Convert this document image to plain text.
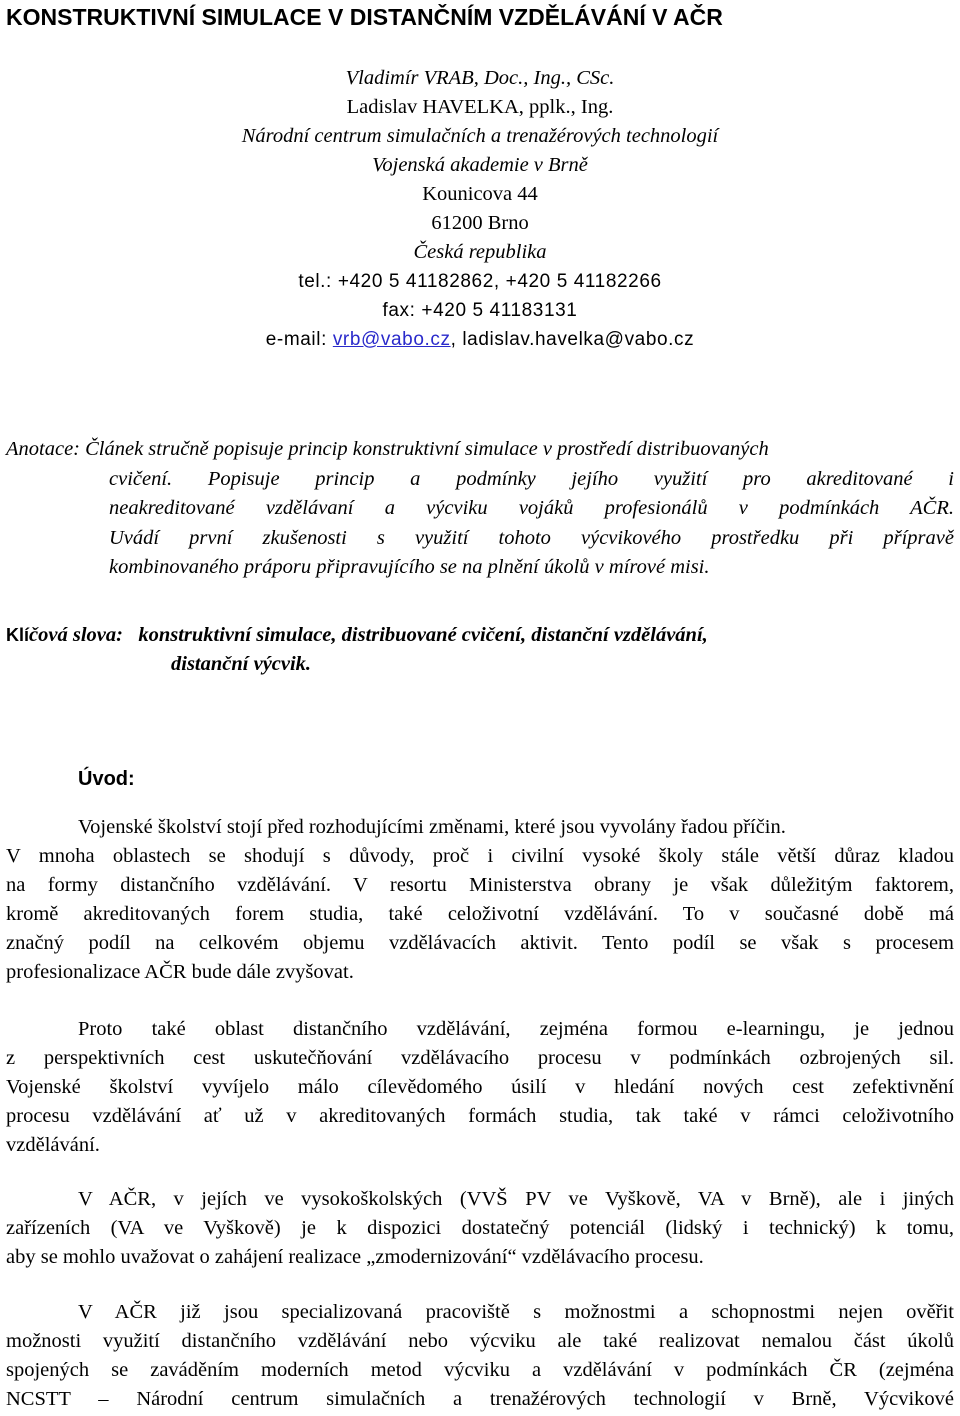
KONSTRUKTIVNÍ SIMULACE V DISTANČNÍM VZDĚLÁVÁNÍ V AČR
Vladimír VRAB, Doc., Ing., CSc.
Ladislav HAVELKA, pplk., Ing.
Národní centrum simulačních a trenažérových technologií
Vojenská akademie v Brně
Kounicova 44
61200 Brno
Česká republika
tel.: +420 5 41182862, +420 5 41182266
fax: +420 5 41183131
e-mail: vrb@vabo.cz, ladislav.havelka@vabo.cz
Anotace: Článek stručně popisuje princip konstruktivní simulace v prostředí distribuovaných
cvičení. Popisuje princip a podmínky jejího využití pro akreditované i
neakreditované vzdělávaní a výcviku vojáků profesionálů v podmínkách AČR.
Uvádí první zkušenosti s využití tohoto výcvikového prostředku při přípravě
kombinovaného práporu připravujícího se na plnění úkolů v mírové misi.
Klíčová slova: konstruktivní simulace, distribuované cvičení, distanční vzdělávání,
distanční výcvik.
Úvod:
Vojenské školství stojí před rozhodujícími změnami, které jsou vyvolány řadou příčin.
V mnoha oblastech se shodují s důvody, proč i civilní vysoké školy stále větší důraz kladou
na formy distančního vzdělávání. V resortu Ministerstva obrany je však důležitým faktorem,
kromě akreditovaných forem studia, také celoživotní vzdělávání. To v současné době má
značný podíl na celkovém objemu vzdělávacích aktivit. Tento podíl se však s procesem
profesionalizace AČR bude dále zvyšovat.
Proto také oblast distančního vzdělávání, zejména formou e-learningu, je jednou
z perspektivních cest uskutečňování vzdělávacího procesu v podmínkách ozbrojených sil.
Vojenské školství vyvíjelo málo cílevědomého úsilí v hledání nových cest zefektivnění
procesu vzdělávání ať už v akreditovaných formách studia, tak také v rámci celoživotního
vzdělávání.
V AČR, v jejích ve vysokoškolských (VVŠ PV ve Vyškově, VA v Brně), ale i jiných
zařízeních (VA ve Vyškově) je k dispozici dostatečný potenciál (lidský i technický) k tomu,
aby se mohlo uvažovat o zahájení realizace „zmodernizování“ vzdělávacího procesu.
V AČR již jsou specializovaná pracoviště s možnostmi a schopnostmi nejen ověřit
možnosti využití distančního vzdělávání nebo výcviku ale také realizovat nemalou část úkolů
spojených se zaváděním moderních metod výcviku a vzdělávání v podmínkách ČR (zejména
NCSTT – Národní centrum simulačních a trenažérových technologií v Brně, Výcvikové
